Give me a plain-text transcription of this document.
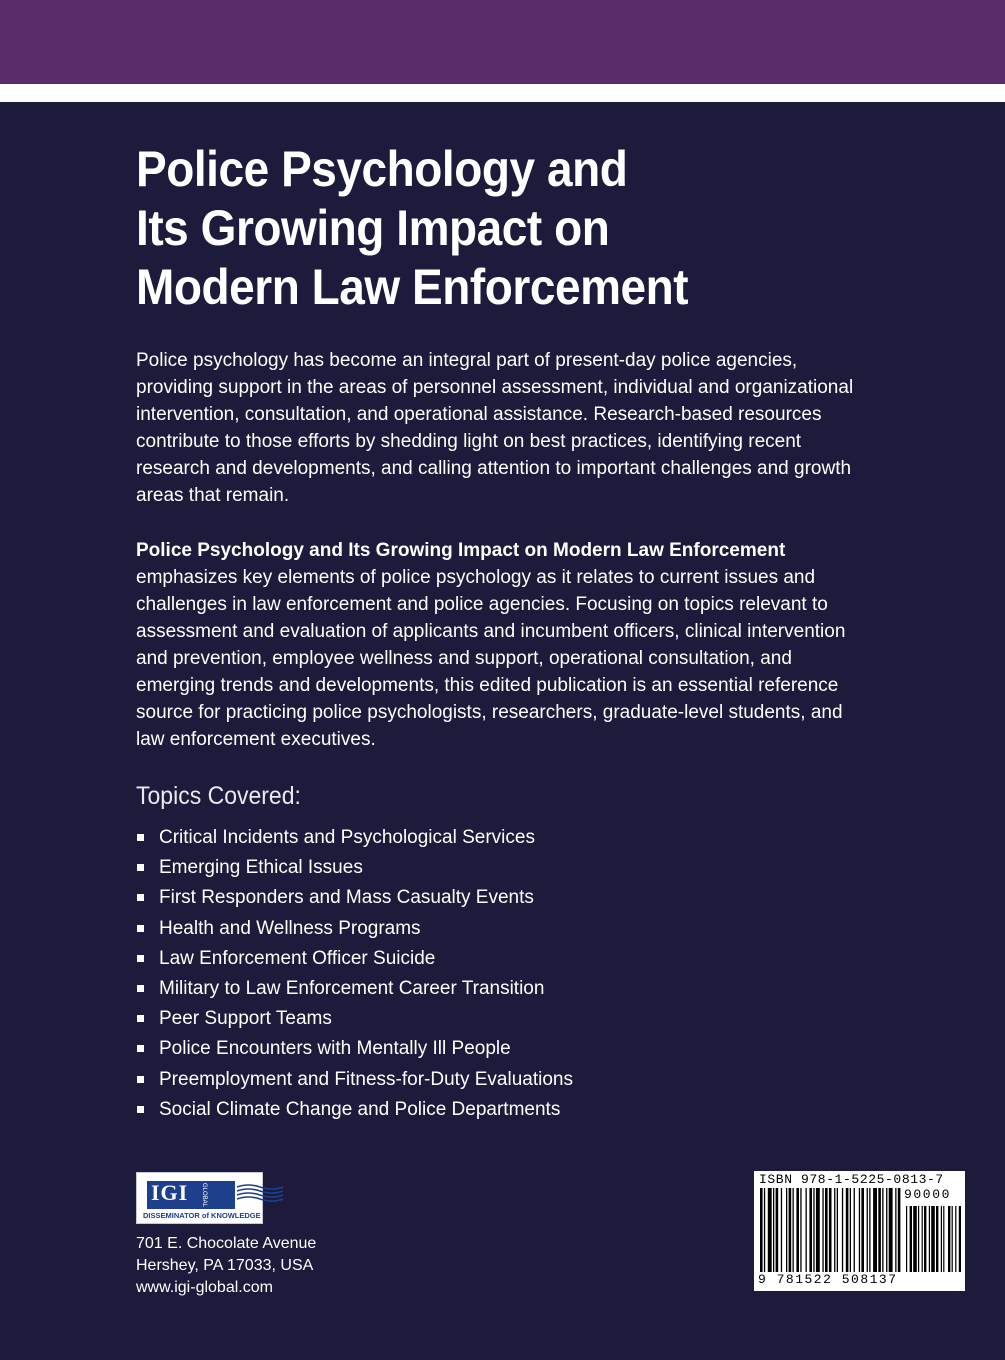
Police Psychology and
Its Growing Impact on
Modern Law Enforcement

Police psychology has become an integral part of present-day police agencies, providing support in the areas of personnel assessment, individual and organizational intervention, consultation, and operational assistance. Research-based resources contribute to those efforts by shedding light on best practices, identifying recent research and developments, and calling attention to important challenges and growth areas that remain.

Police Psychology and Its Growing Impact on Modern Law Enforcement emphasizes key elements of police psychology as it relates to current issues and challenges in law enforcement and police agencies. Focusing on topics relevant to assessment and evaluation of applicants and incumbent officers, clinical intervention and prevention, employee wellness and support, operational consultation, and emerging trends and developments, this edited publication is an essential reference source for practicing police psychologists, researchers, graduate-level students, and law enforcement executives.

Topics Covered:
Critical Incidents and Psychological Services
Emerging Ethical Issues
First Responders and Mass Casualty Events
Health and Wellness Programs
Law Enforcement Officer Suicide
Military to Law Enforcement Career Transition
Peer Support Teams
Police Encounters with Mentally Ill People
Preemployment and Fitness-for-Duty Evaluations
Social Climate Change and Police Departments
IGI GLOBAL
DISSEMINATOR of KNOWLEDGE
701 E. Chocolate Avenue
Hershey, PA 17033, USA
www.igi-global.com
ISBN 978-1-5225-0813-7
90000
9 781522 508137
